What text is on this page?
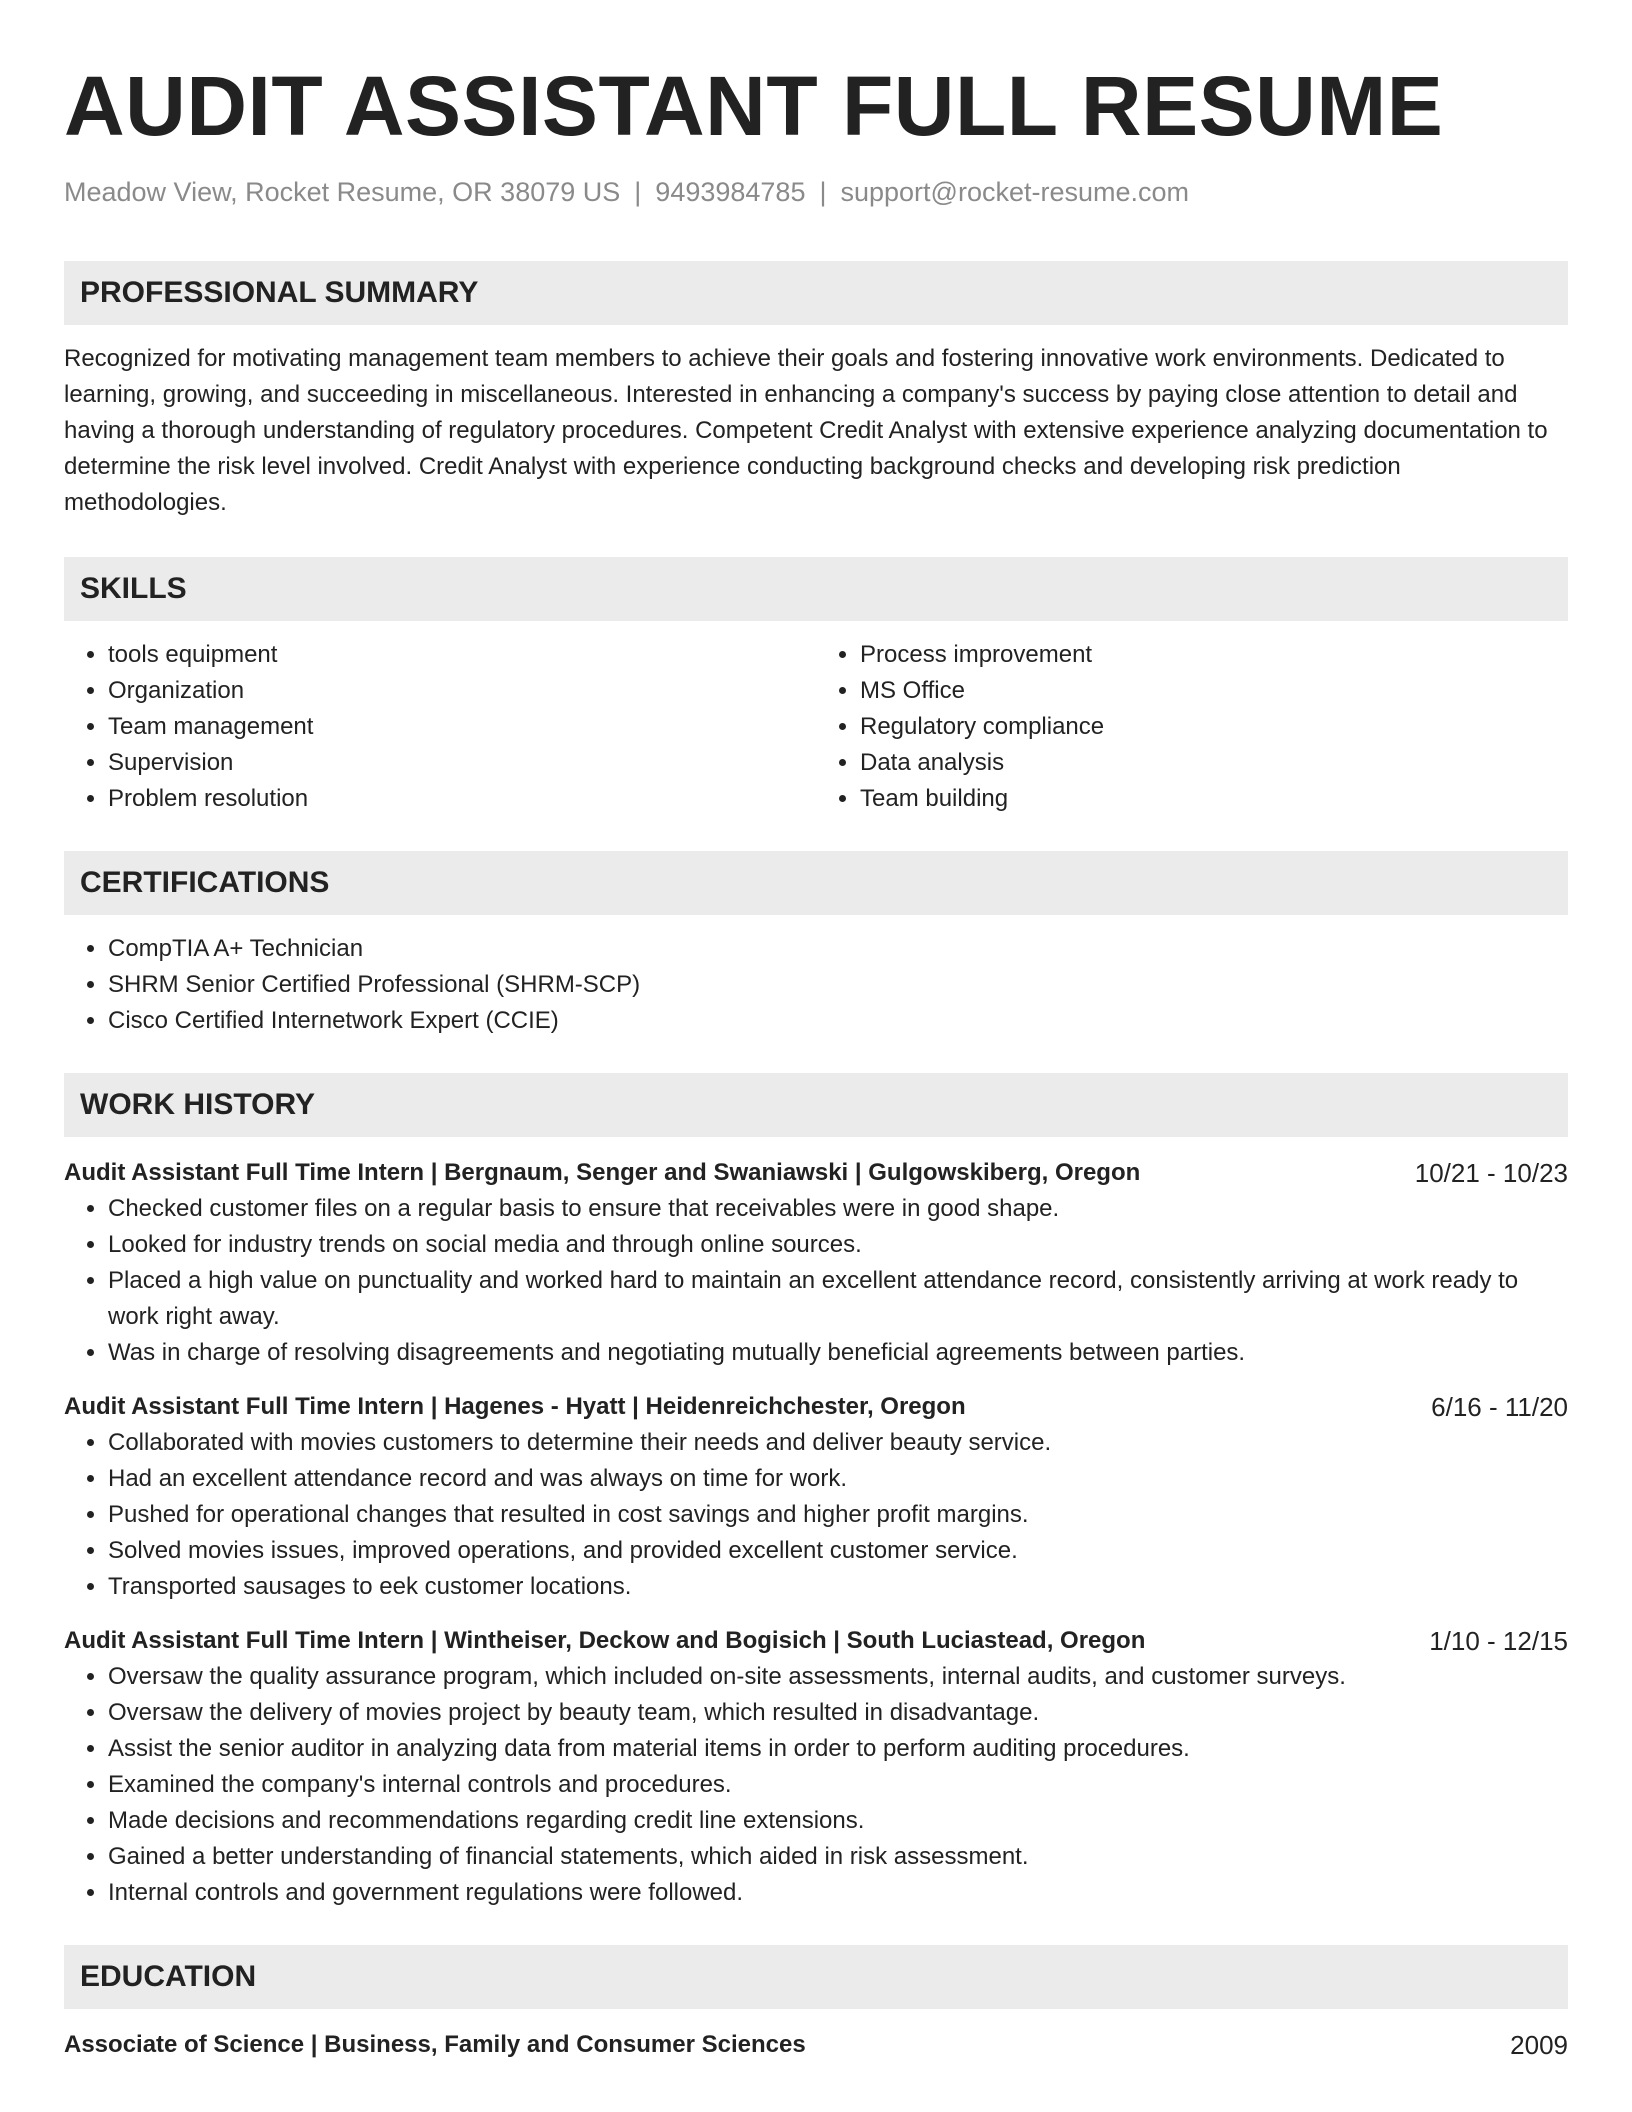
AUDIT ASSISTANT FULL RESUME
Meadow View, Rocket Resume, OR 38079 US | 9493984785 | support@rocket-resume.com
PROFESSIONAL SUMMARY
Recognized for motivating management team members to achieve their goals and fostering innovative work environments. Dedicated to learning, growing, and succeeding in miscellaneous. Interested in enhancing a company's success by paying close attention to detail and having a thorough understanding of regulatory procedures. Competent Credit Analyst with extensive experience analyzing documentation to determine the risk level involved. Credit Analyst with experience conducting background checks and developing risk prediction methodologies.
SKILLS
• tools equipment
• Organization
• Team management
• Supervision
• Problem resolution
• Process improvement
• MS Office
• Regulatory compliance
• Data analysis
• Team building
CERTIFICATIONS
• CompTIA A+ Technician
• SHRM Senior Certified Professional (SHRM-SCP)
• Cisco Certified Internetwork Expert (CCIE)
WORK HISTORY
Audit Assistant Full Time Intern | Bergnaum, Senger and Swaniawski | Gulgowskiberg, Oregon	10/21 - 10/23
• Checked customer files on a regular basis to ensure that receivables were in good shape.
• Looked for industry trends on social media and through online sources.
• Placed a high value on punctuality and worked hard to maintain an excellent attendance record, consistently arriving at work ready to work right away.
• Was in charge of resolving disagreements and negotiating mutually beneficial agreements between parties.
Audit Assistant Full Time Intern | Hagenes - Hyatt | Heidenreichchester, Oregon	6/16 - 11/20
• Collaborated with movies customers to determine their needs and deliver beauty service.
• Had an excellent attendance record and was always on time for work.
• Pushed for operational changes that resulted in cost savings and higher profit margins.
• Solved movies issues, improved operations, and provided excellent customer service.
• Transported sausages to eek customer locations.
Audit Assistant Full Time Intern | Wintheiser, Deckow and Bogisich | South Luciastead, Oregon	1/10 - 12/15
• Oversaw the quality assurance program, which included on-site assessments, internal audits, and customer surveys.
• Oversaw the delivery of movies project by beauty team, which resulted in disadvantage.
• Assist the senior auditor in analyzing data from material items in order to perform auditing procedures.
• Examined the company's internal controls and procedures.
• Made decisions and recommendations regarding credit line extensions.
• Gained a better understanding of financial statements, which aided in risk assessment.
• Internal controls and government regulations were followed.
EDUCATION
Associate of Science | Business, Family and Consumer Sciences	2009
